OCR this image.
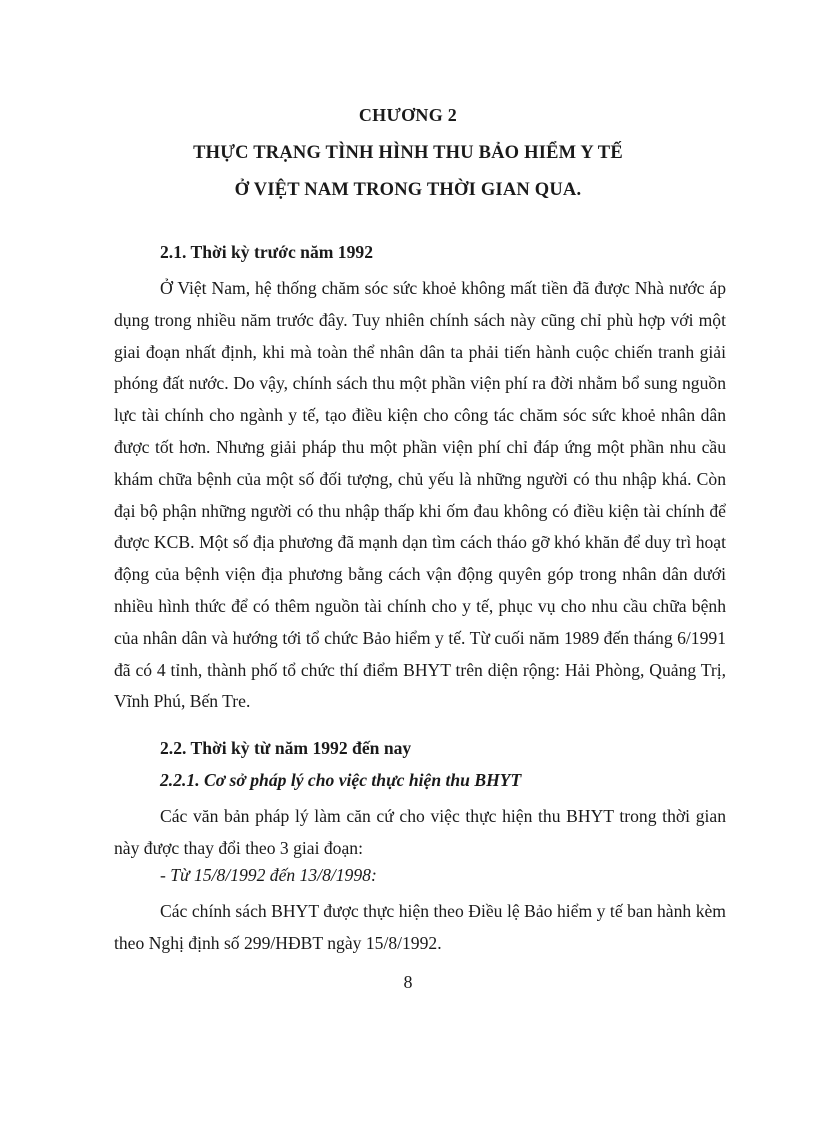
CHƯƠNG 2
THỰC TRẠNG TÌNH HÌNH THU BẢO HIỂM Y TẾ
Ở VIỆT NAM TRONG THỜI GIAN QUA.
2.1. Thời kỳ trước năm 1992
Ở Việt Nam, hệ thống chăm sóc sức khoẻ không mất tiền đã được Nhà nước áp dụng trong nhiều năm trước đây. Tuy nhiên chính sách này cũng chỉ phù hợp với một giai đoạn nhất định, khi mà toàn thể nhân dân ta phải tiến hành cuộc chiến tranh giải phóng đất nước. Do vậy, chính sách thu một phần viện phí ra đời nhằm bổ sung nguồn lực tài chính cho ngành y tế, tạo điều kiện cho công tác chăm sóc sức khoẻ nhân dân được tốt hơn. Nhưng giải pháp thu một phần viện phí chỉ đáp ứng một phần nhu cầu khám chữa bệnh của một số đối tượng, chủ yếu là những người có thu nhập khá. Còn đại bộ phận những người có thu nhập thấp khi ốm đau không có điều kiện tài chính để được KCB. Một số địa phương đã mạnh dạn tìm cách tháo gỡ khó khăn để duy trì hoạt động của bệnh viện địa phương bằng cách vận động quyên góp trong nhân dân dưới nhiều hình thức để có thêm nguồn tài chính cho y tế, phục vụ cho nhu cầu chữa bệnh của nhân dân và hướng tới tổ chức Bảo hiểm y tế. Từ cuối năm 1989 đến tháng 6/1991 đã có 4 tỉnh, thành phố tổ chức thí điểm BHYT trên diện rộng: Hải Phòng, Quảng Trị, Vĩnh Phú, Bến Tre.
2.2. Thời kỳ từ năm 1992 đến nay
2.2.1. Cơ sở pháp lý cho việc thực hiện thu BHYT
Các văn bản pháp lý làm căn cứ cho việc thực hiện thu BHYT trong thời gian này được thay đổi theo 3 giai đoạn:
- Từ 15/8/1992 đến 13/8/1998:
Các chính sách BHYT được thực hiện theo Điều lệ Bảo hiểm y tế ban hành kèm theo Nghị định số 299/HĐBT ngày 15/8/1992.
8
